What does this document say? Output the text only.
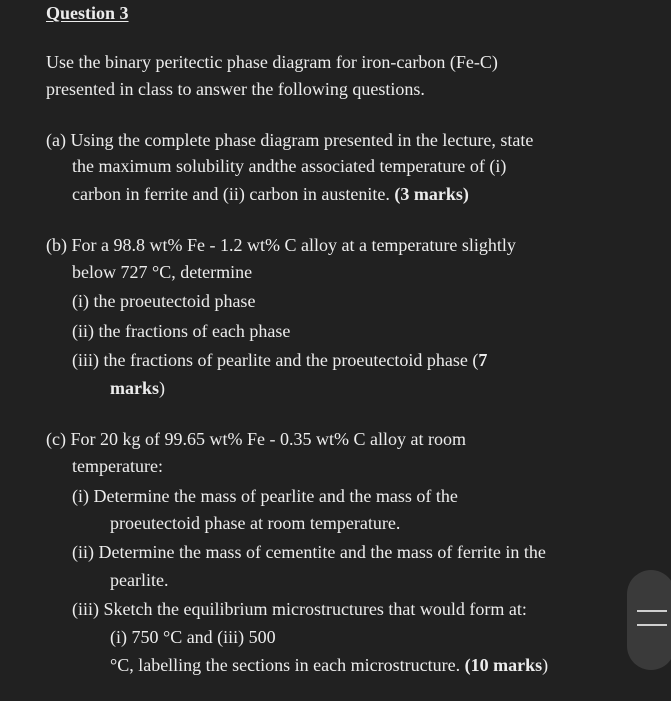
Question 3
Use the binary peritectic phase diagram for iron-carbon (Fe-C)
presented in class to answer the following questions.
(a) Using the complete phase diagram presented in the lecture, state
the maximum solubility andthe associated temperature of (i)
carbon in ferrite and (ii) carbon in austenite. (3 marks)
(b) For a 98.8 wt% Fe - 1.2 wt% C alloy at a temperature slightly
below 727 °C, determine
(i) the proeutectoid phase
(ii) the fractions of each phase
(iii) the fractions of pearlite and the proeutectoid phase (7
marks)
(c) For 20 kg of 99.65 wt% Fe - 0.35 wt% C alloy at room
temperature:
(i) Determine the mass of pearlite and the mass of the
proeutectoid phase at room temperature.
(ii) Determine the mass of cementite and the mass of ferrite in the
pearlite.
(iii) Sketch the equilibrium microstructures that would form at:
(i) 750 °C and (iii) 500
°C, labelling the sections in each microstructure. (10 marks)
